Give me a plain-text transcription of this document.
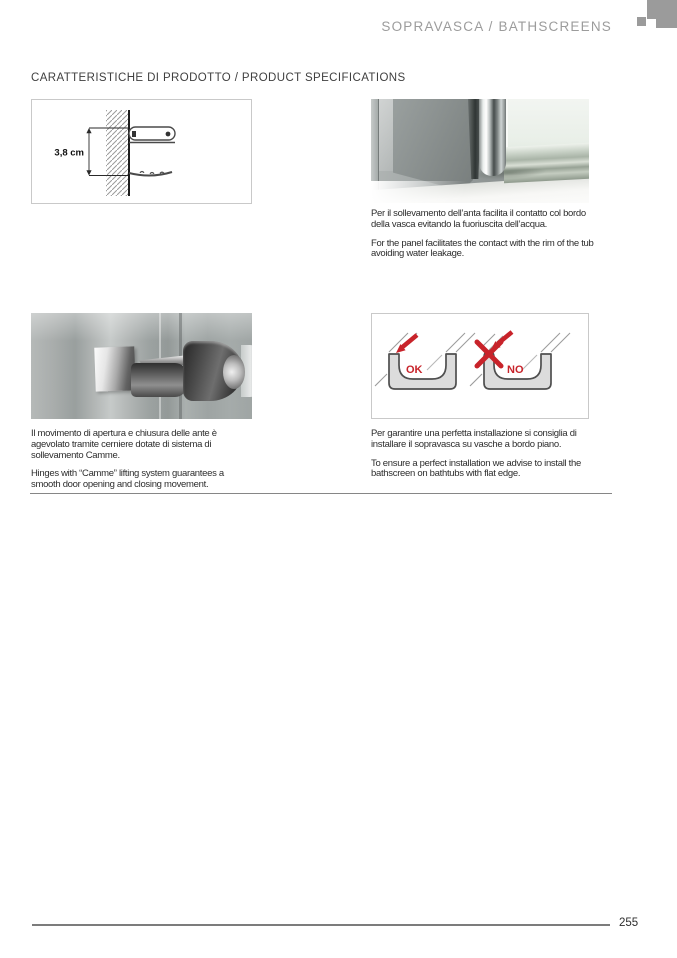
SOPRAVASCA / BATHSCREENS
CARATTERISTICHE DI PRODOTTO / PRODUCT SPECIFICATIONS
3,8 cm

Per il sollevamento dell’anta facilita il contatto col bordo della vasca evitando la fuoriuscita dell’acqua.

For the panel facilitates the contact with the rim of the tub avoiding water leakage.

Il movimento di apertura e chiusura delle ante è agevolato tramite cerniere dotate di sistema di sollevamento Camme.

Hinges with “Camme” lifting system guarantees a smooth door opening and closing movement.

OK	NO

Per garantire una perfetta installazione si consiglia di installare il sopravasca su vasche a bordo piano.

To ensure a perfect installation we advise to install the bathscreen on bathtubs with flat edge.

255
